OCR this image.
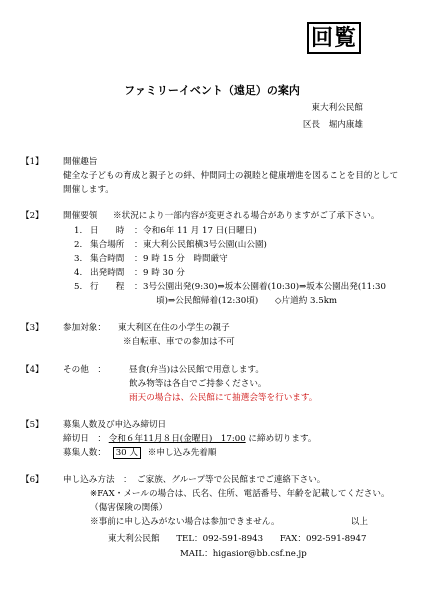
回覧
ファミリーイベント（遠足）の案内
東大利公民館
区長　堀内康雄
【1】 開催趣旨
健全な子どもの育成と親子との絆、仲間同士の親睦と健康増進を図ることを目的として
開催します。
【2】 開催要領 ※状況により一部内容が変更される場合がありますがご了承下さい。
1. 日　　時 ： 令和6年 11 月 17 日(日曜日)
2. 集合場所 ： 東大利公民館横3号公園(山公園)
3. 集合時間 ： 9 時 15 分　時間厳守
4. 出発時間 ： 9 時 30 分
5. 行　　程 ： 3号公園出発(9:30)⇒坂本公園着(10:30)⇒坂本公園出発(11:30
頃)⇒公民館帰着(12:30頃) ◇片道約 3.5km
【3】 参加対象： 東大利区在住の小学生の親子
※自転車、車での参加は不可
【4】 その他　：	昼食(弁当)は公民館で用意します。
飲み物等は各自でご持参ください。
雨天の場合は、公民館にて抽選会等を行います。
【5】 募集人数及び申込み締切日
締切日　： 令和６年11月８日(金曜日)　17:00 に締め切ります。
募集人数： 30 人 ※申し込み先着順
【6】 申し込み方法　： ご家族、グループ等で公民館までご連絡下さい。
※FAX・メールの場合は、氏名、住所、電話番号、年齢を記載してください。
（傷害保険の関係）
※事前に申し込みがない場合は参加できません。	以上
東大利公民館 TEL：092-591-8943 FAX：092-591-8947
MAIL：higasior@bb.csf.ne.jp
